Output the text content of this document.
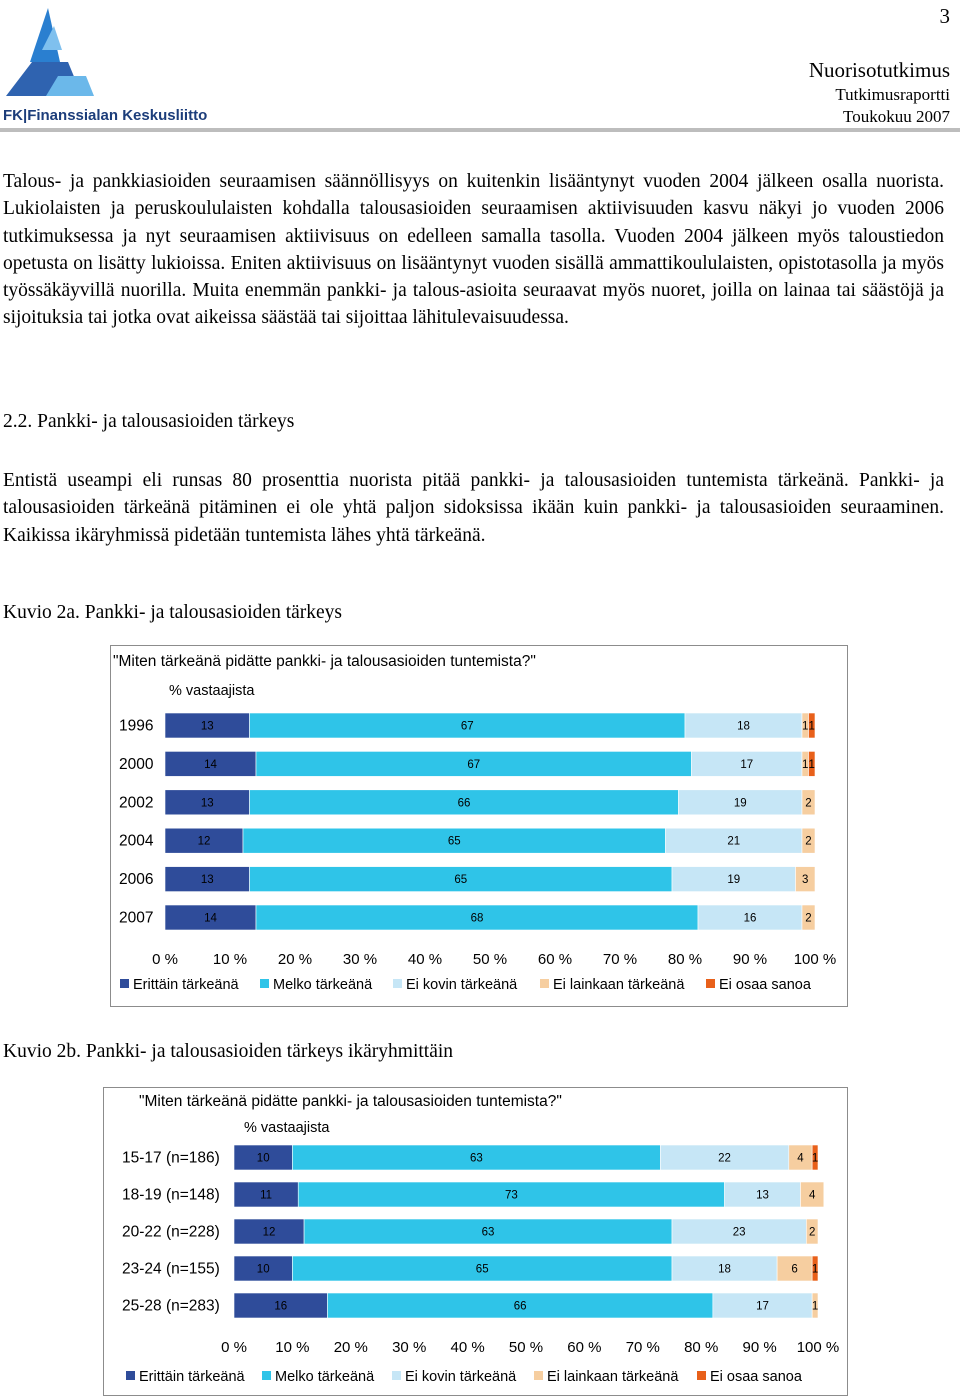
3
FK|Finanssialan Keskusliitto
Nuorisotutkimus
Tutkimusraportti
Toukokuu 2007

Talous- ja pankkiasioiden seuraamisen säännöllisyys on kuitenkin lisääntynyt vuoden 2004 jälkeen osalla nuorista. Lukiolaisten ja peruskoululaisten kohdalla talousasioiden seuraamisen aktiivisuuden kasvu näkyi jo vuoden 2006 tutkimuksessa ja nyt seuraamisen aktiivisuus on edelleen samalla tasolla. Vuoden 2004 jälkeen myös taloustiedon opetusta on lisätty lukioissa. Eniten aktiivisuus on lisääntynyt vuoden sisällä ammattikoululaisten, opistotasolla ja myös työssäkäyvillä nuorilla. Muita enemmän pankki- ja talous-asioita seuraavat myös nuoret, joilla on lainaa tai säästöjä ja sijoituksia tai jotka ovat aikeissa säästää tai sijoittaa lähitulevaisuudessa.

2.2. Pankki- ja talousasioiden tärkeys

Entistä useampi eli runsas 80 prosenttia nuorista pitää pankki- ja talousasioiden tuntemista tärkeänä. Pankki- ja talousasioiden tärkeänä pitäminen ei ole yhtä paljon sidoksissa ikään kuin pankki- ja talousasioiden seuraaminen. Kaikissa ikäryhmissä pidetään tuntemista lähes yhtä tärkeänä.

Kuvio 2a. Pankki- ja talousasioiden tärkeys
"Miten tärkeänä pidätte pankki- ja talousasioiden tuntemista?"
% vastaajista
1996	13	67	18	1 1
2000	14	67	17	1 1
2002	13	66	19	2
2004	12	65	21	2
2006	13	65	19	3
2007	14	68	16	2
0 % 10 % 20 % 30 % 40 % 50 % 60 % 70 % 80 % 90 % 100 %
Erittäin tärkeänä Melko tärkeänä Ei kovin tärkeänä Ei lainkaan tärkeänä Ei osaa sanoa
Kuvio 2b. Pankki- ja talousasioiden tärkeys ikäryhmittäin
"Miten tärkeänä pidätte pankki- ja talousasioiden tuntemista?"
% vastaajista
15-17 (n=186)	10	63	22	4 1
18-19 (n=148)	11	73	13	4
20-22 (n=228)	12	63	23	2
23-24 (n=155)	10	65	18	6 1
25-28 (n=283)	16	66	17	1
0 % 10 % 20 % 30 % 40 % 50 % 60 % 70 % 80 % 90 % 100 %
Erittäin tärkeänä Melko tärkeänä Ei kovin tärkeänä Ei lainkaan tärkeänä Ei osaa sanoa
